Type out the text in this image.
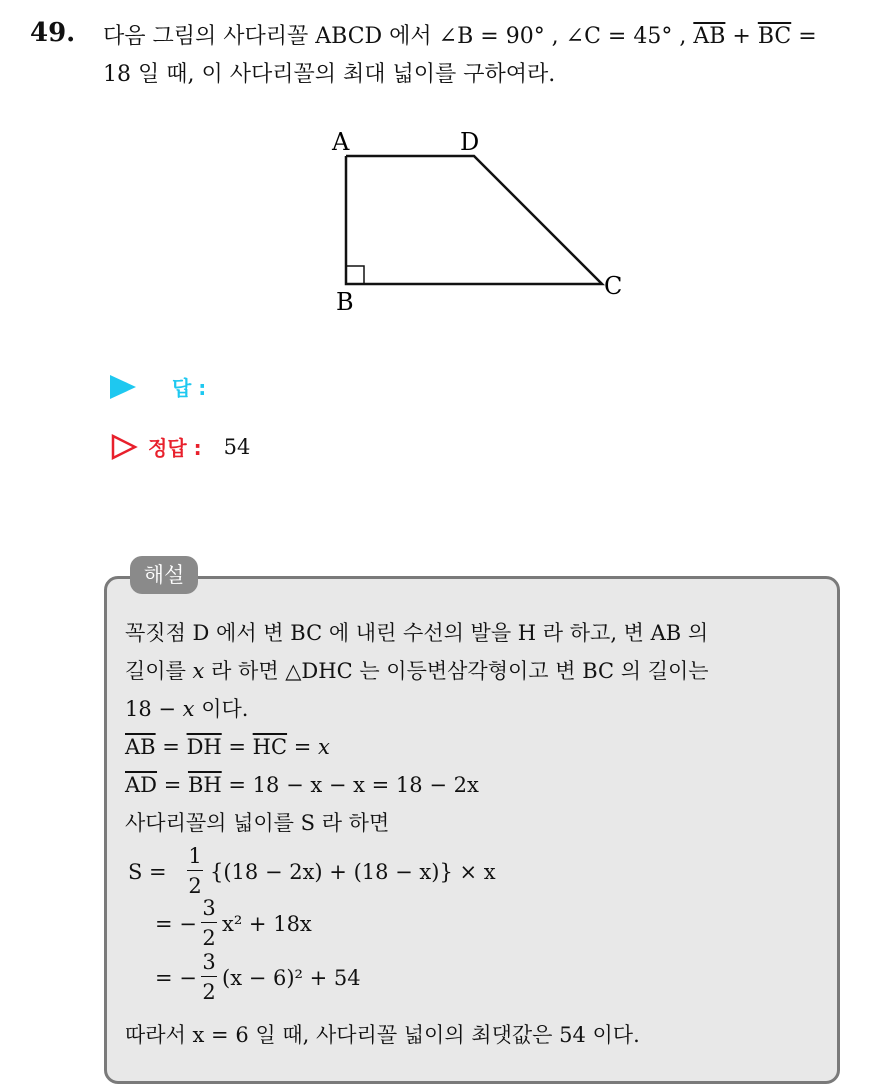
49. 다음 그림의 사다리꼴 ABCD 에서 ∠B = 90° , ∠C = 45° , $\overline{AB} + \overline{BC}$ =
18 일 때, 이 사다리꼴의 최대 넓이를 구하여라.
A	D
B
C
답 :
정답 : 54
해설
꼭짓점 D 에서 변 BC 에 내린 수선의 발을 H 라 하고, 변 AB 의
길이를 x 라 하면 △DHC 는 이등변삼각형이고 변 BC 의 길이는
18 − x 이다.
$\overline{AB} = \overline{DH} = \overline{HC} = x$
$\overline{AD} = \overline{BH} = 18 - x - x = 18 - 2x$
사다리꼴의 넓이를 S 라 하면
S =
1
2
{(18 − 2x) + (18 − x)} × x
= −
3
2
x² + 18x
= −
3
2
(x − 6)² + 54
따라서 x = 6 일 때, 사다리꼴 넓이의 최댓값은 54 이다.
